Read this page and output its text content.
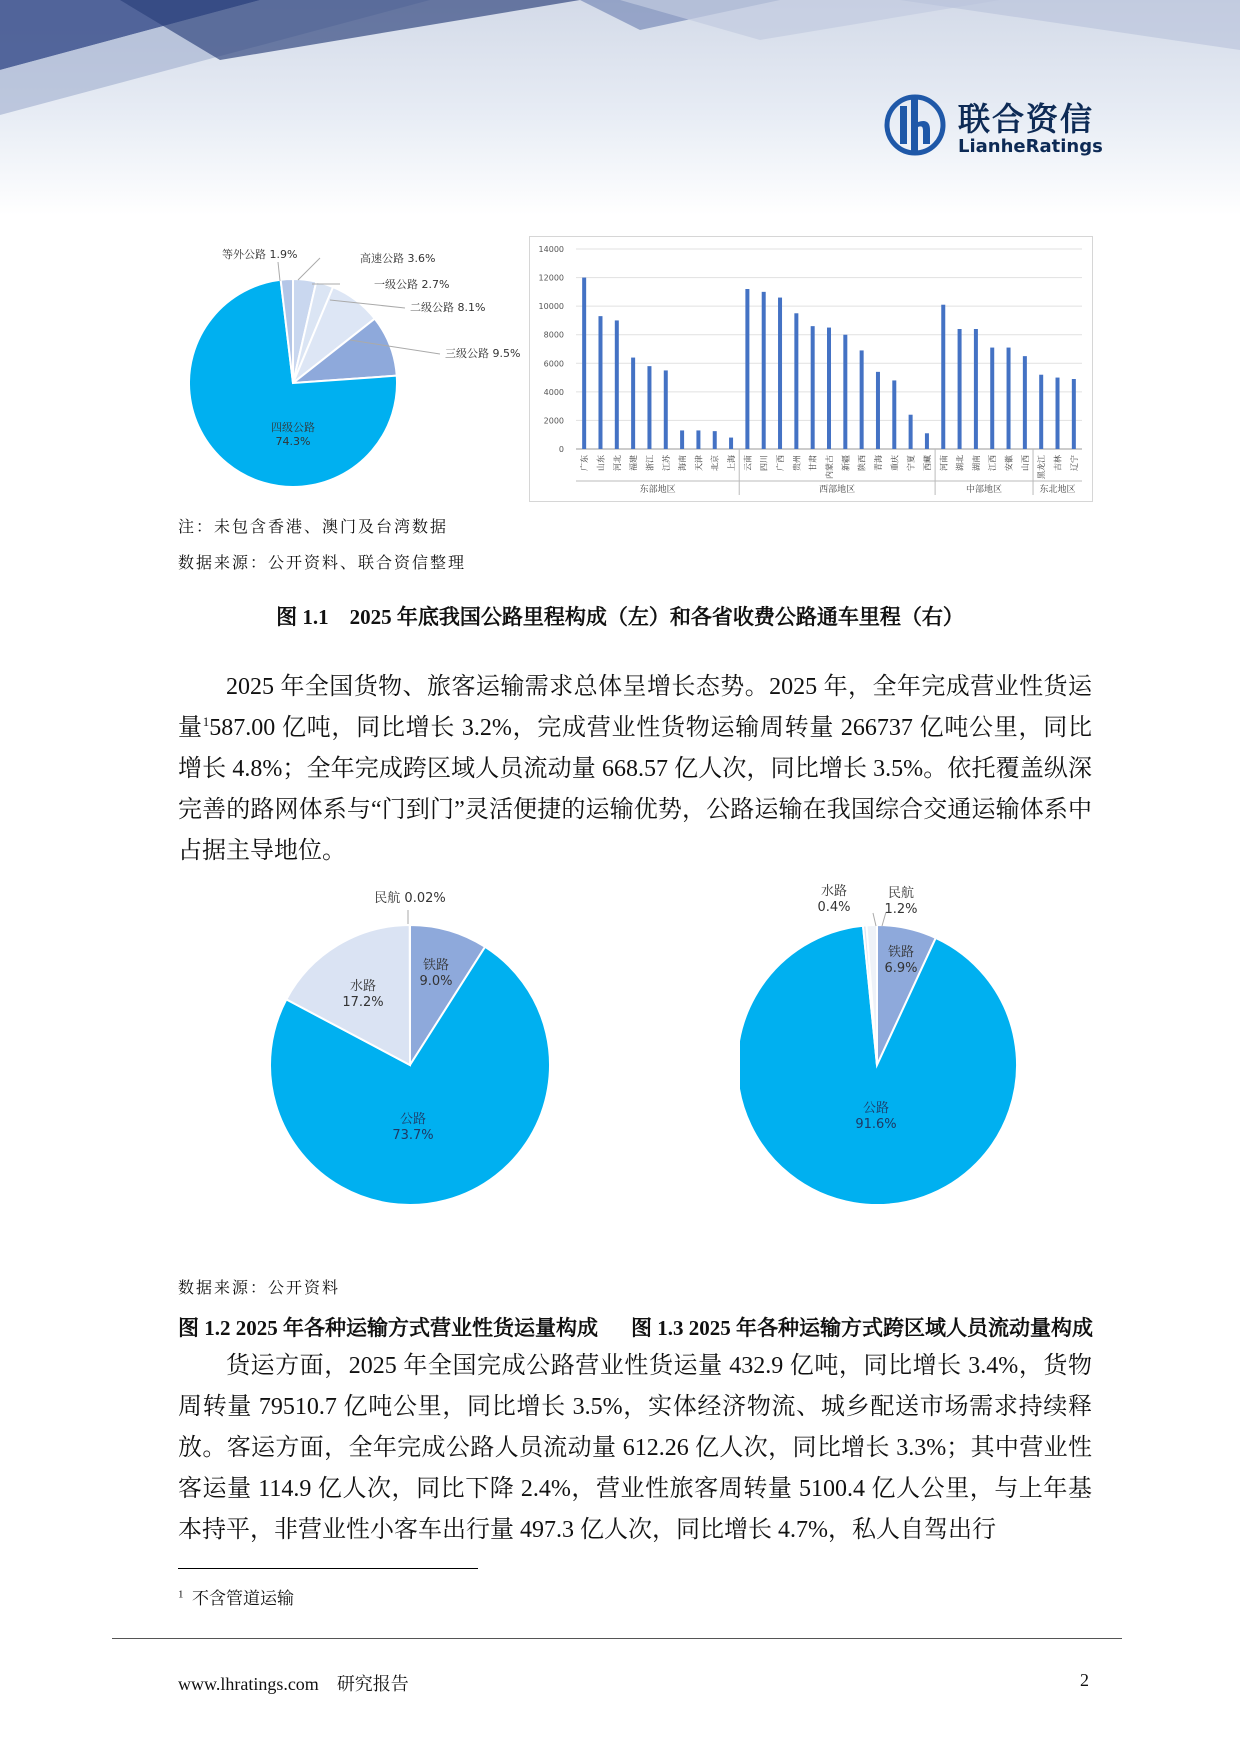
联合资信
LianheRatings
等外公路 1.9%	高速公路 3.6%
一级公路 2.7%
二级公路 8.1%
三级公路 9.5%
四级公路
74.3%
0
2000
4000
6000
8000
10000
12000
14000
广东 山东 河北 福建 浙江 江苏 海南 天津 北京 上海 云南 四川 广西 贵州 甘肃 内蒙古 新疆 陕西 青海 重庆 宁夏 西藏 河南 湖北 湖南 江西 安徽 山西 黑龙江 吉林 辽宁
东部地区	西部地区	中部地区	东北地区
注：未包含香港、澳门及台湾数据
数据来源：公开资料、联合资信整理
图 1.1　2025 年底我国公路里程构成（左）和各省收费公路通车里程（右）
2025 年全国货物、旅客运输需求总体呈增长态势。2025 年，全年完成营业性货运量$^1$587.00 亿吨，同比增长 3.2%，完成营业性货物运输周转量 266737 亿吨公里，同比增长 4.8%；全年完成跨区域人员流动量 668.57 亿人次，同比增长 3.5%。依托覆盖纵深完善的路网体系与“门到门”灵活便捷的运输优势，公路运输在我国综合交通运输体系中占据主导地位。
民航 0.02%
铁路
9.0%
水路
17.2%
公路
73.7%
水路
0.4%
民航
1.2%
铁路
6.9%
公路
91.6%
数据来源：公开资料
图 1.2 2025 年各种运输方式营业性货运量构成 图 1.3 2025 年各种运输方式跨区域人员流动量构成
货运方面，2025 年全国完成公路营业性货运量 432.9 亿吨，同比增长 3.4%，货物周转量 79510.7 亿吨公里，同比增长 3.5%，实体经济物流、城乡配送市场需求持续释放。客运方面，全年完成公路人员流动量 612.26 亿人次，同比增长 3.3%；其中营业性客运量 114.9 亿人次，同比下降 2.4%，营业性旅客周转量 5100.4 亿人公里，与上年基本持平，非营业性小客车出行量 497.3 亿人次，同比增长 4.7%，私人自驾出行
$^1$ 不含管道运输
www.lhratings.com 研究报告	2
